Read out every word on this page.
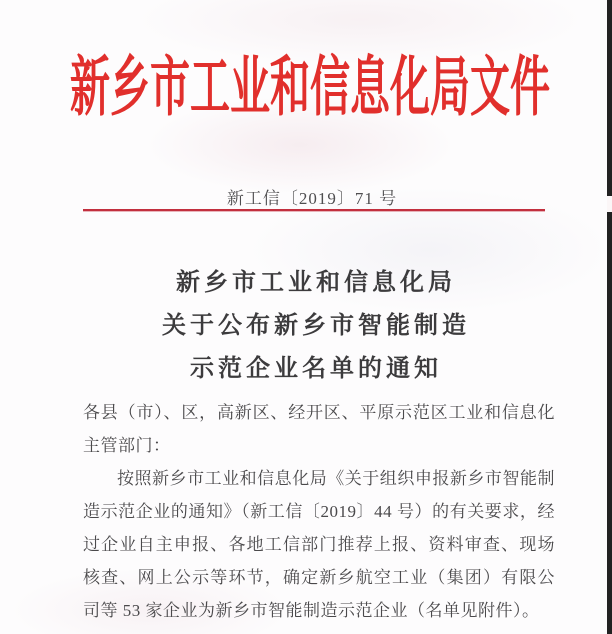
新乡市工业和信息化局文件
新工信〔2019〕71 号
新乡市工业和信息化局
关于公布新乡市智能制造
示范企业名单的通知

各县（市）、区，高新区、经开区、平原示范区工业和信息化主管部门：

按照新乡市工业和信息化局《关于组织申报新乡市智能制造示范企业的通知》（新工信〔2019〕44 号）的有关要求，经过企业自主申报、各地工信部门推荐上报、资料审查、现场核查、网上公示等环节，确定新乡航空工业（集团）有限公司等 53 家企业为新乡市智能制造示范企业（名单见附件）。
